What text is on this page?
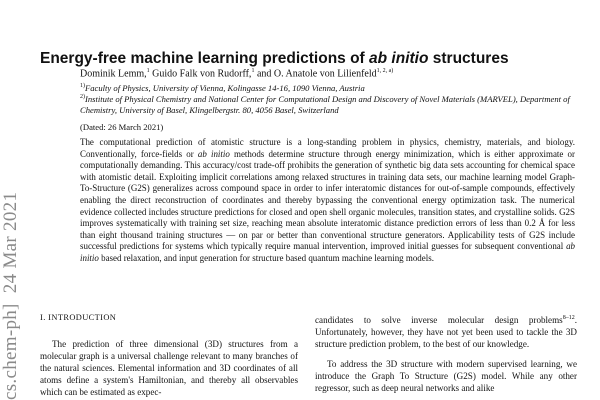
cs.chem-ph]  24 Mar 2021
Energy-free machine learning predictions of ab initio structures
Dominik Lemm,$^1$ Guido Falk von Rudorff,$^1$ and O. Anatole von Lilienfeld$^{1, 2, a)}$
$^{1)}$Faculty of Physics, University of Vienna, Kolingasse 14-16, 1090 Vienna, Austria
$^{2)}$Institute of Physical Chemistry and National Center for Computational Design and Discovery of Novel Materials (MARVEL), Department of Chemistry, University of Basel, Klingelbergstr. 80, 4056 Basel, Switzerland
(Dated: 26 March 2021)

The computational prediction of atomistic structure is a long-standing problem in physics, chemistry, materials, and biology. Conventionally, force-fields or ab initio methods determine structure through energy minimization, which is either approximate or computationally demanding. This accuracy/cost trade-off prohibits the generation of synthetic big data sets accounting for chemical space with atomistic detail. Exploiting implicit correlations among relaxed structures in training data sets, our machine learning model Graph-To-Structure (G2S) generalizes across compound space in order to infer interatomic distances for out-of-sample compounds, effectively enabling the direct reconstruction of coordinates and thereby bypassing the conventional energy optimization task. The numerical evidence collected includes structure predictions for closed and open shell organic molecules, transition states, and crystalline solids. G2S improves systematically with training set size, reaching mean absolute interatomic distance prediction errors of less than 0.2 Å for less than eight thousand training structures — on par or better than conventional structure generators. Applicability tests of G2S include successful predictions for systems which typically require manual intervention, improved initial guesses for subsequent conventional ab initio based relaxation, and input generation for structure based quantum machine learning models.

I. INTRODUCTION

The prediction of three dimensional (3D) structures from a molecular graph is a universal challenge relevant to many branches of the natural sciences. Elemental information and 3D coordinates of all atoms define a system's Hamiltonian, and thereby all observables which can be estimated as expec-

candidates to solve inverse molecular design problems$^{8-12}$. Unfortunately, however, they have not yet been used to tackle the 3D structure prediction problem, to the best of our knowledge.

To address the 3D structure with modern supervised learning, we introduce the Graph To Structure (G2S) model. While any other regressor, such as deep neural networks and alike
